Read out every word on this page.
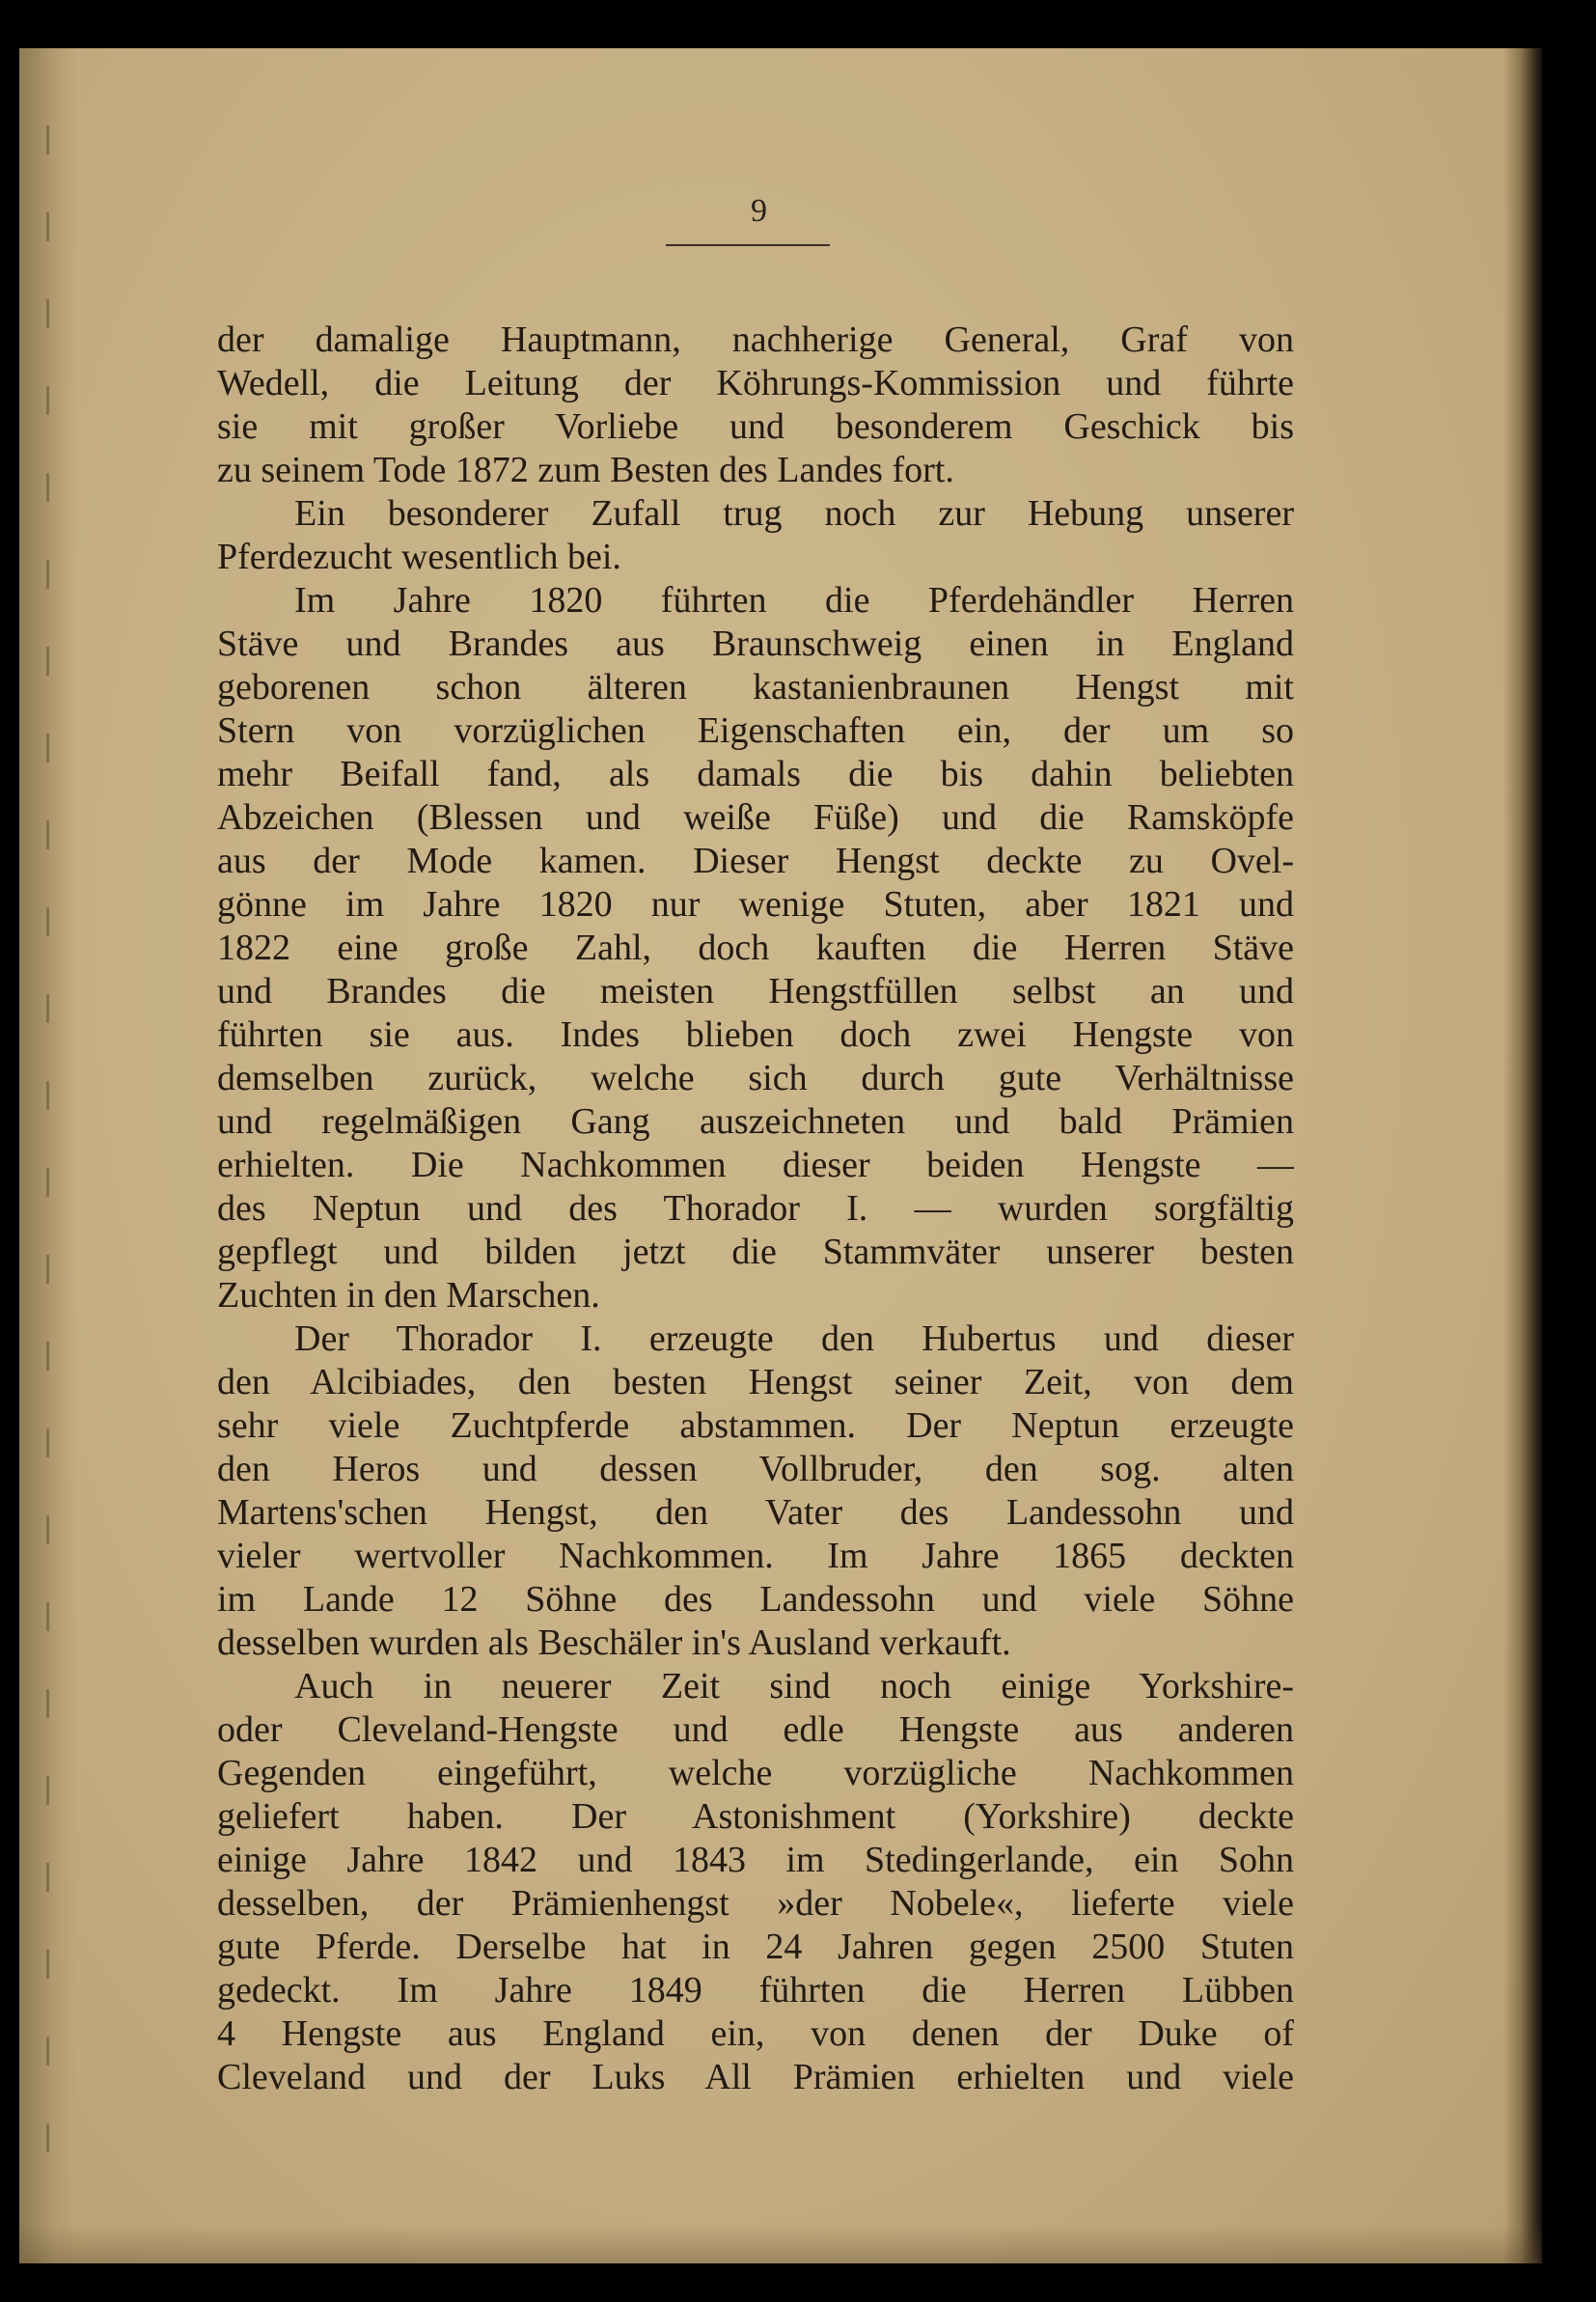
9
der damalige Hauptmann, nachherige General, Graf von
Wedell, die Leitung der Köhrungs-Kommission und führte
sie mit großer Vorliebe und besonderem Geschick bis
zu seinem Tode 1872 zum Besten des Landes fort.
Ein besonderer Zufall trug noch zur Hebung unserer
Pferdezucht wesentlich bei.
Im Jahre 1820 führten die Pferdehändler Herren
Stäve und Brandes aus Braunschweig einen in England
geborenen schon älteren kastanienbraunen Hengst mit
Stern von vorzüglichen Eigenschaften ein, der um so
mehr Beifall fand, als damals die bis dahin beliebten
Abzeichen (Blessen und weiße Füße) und die Ramsköpfe
aus der Mode kamen. Dieser Hengst deckte zu Ovel-
gönne im Jahre 1820 nur wenige Stuten, aber 1821 und
1822 eine große Zahl, doch kauften die Herren Stäve
und Brandes die meisten Hengstfüllen selbst an und
führten sie aus. Indes blieben doch zwei Hengste von
demselben zurück, welche sich durch gute Verhältnisse
und regelmäßigen Gang auszeichneten und bald Prämien
erhielten. Die Nachkommen dieser beiden Hengste —
des Neptun und des Thorador I. — wurden sorgfältig
gepflegt und bilden jetzt die Stammväter unserer besten
Zuchten in den Marschen.
Der Thorador I. erzeugte den Hubertus und dieser
den Alcibiades, den besten Hengst seiner Zeit, von dem
sehr viele Zuchtpferde abstammen. Der Neptun erzeugte
den Heros und dessen Vollbruder, den sog. alten
Martens'schen Hengst, den Vater des Landessohn und
vieler wertvoller Nachkommen. Im Jahre 1865 deckten
im Lande 12 Söhne des Landessohn und viele Söhne
desselben wurden als Beschäler in's Ausland verkauft.
Auch in neuerer Zeit sind noch einige Yorkshire-
oder Cleveland-Hengste und edle Hengste aus anderen
Gegenden eingeführt, welche vorzügliche Nachkommen
geliefert haben. Der Astonishment (Yorkshire) deckte
einige Jahre 1842 und 1843 im Stedingerlande, ein Sohn
desselben, der Prämienhengst »der Nobele«, lieferte viele
gute Pferde. Derselbe hat in 24 Jahren gegen 2500 Stuten
gedeckt. Im Jahre 1849 führten die Herren Lübben
4 Hengste aus England ein, von denen der Duke of
Cleveland und der Luks All Prämien erhielten und viele
